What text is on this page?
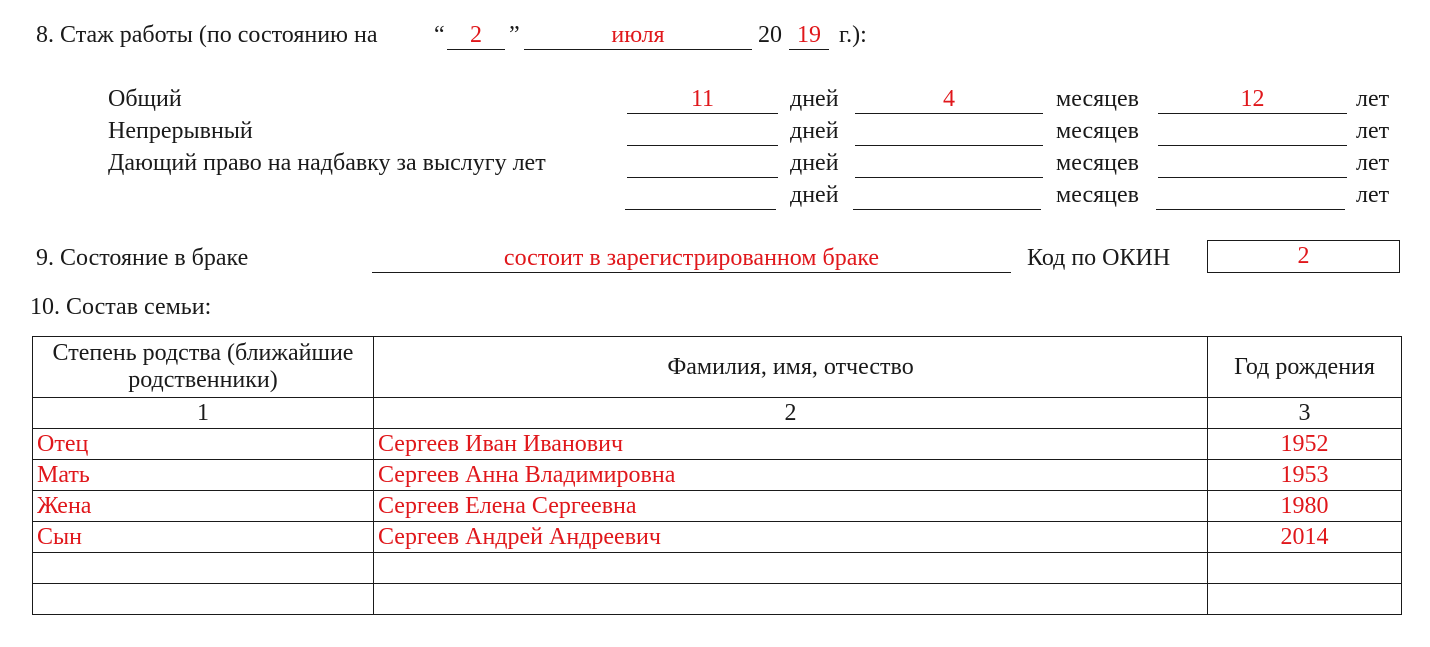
8. Стаж работы (по состоянию на “	2	”	июля	20 19 г.):
Общий	11	дней	4	месяцев	12	лет
Непрерывный	дней	месяцев	лет
Дающий право на надбавку за выслугу лет	дней	месяцев	лет
дней	месяцев	лет
9. Состояние в браке	состоит в зарегистрированном браке	Код по ОКИН	2
10. Состав семьи:
Степень родства (ближайшие родственники)	Фамилия, имя, отчество	Год рождения
1	2	3
Отец	Сергеев Иван Иванович	1952
Мать	Сергеев Анна Владимировна	1953
Жена	Сергеев Елена Сергеевна	1980
Сын	Сергеев Андрей Андреевич	2014
